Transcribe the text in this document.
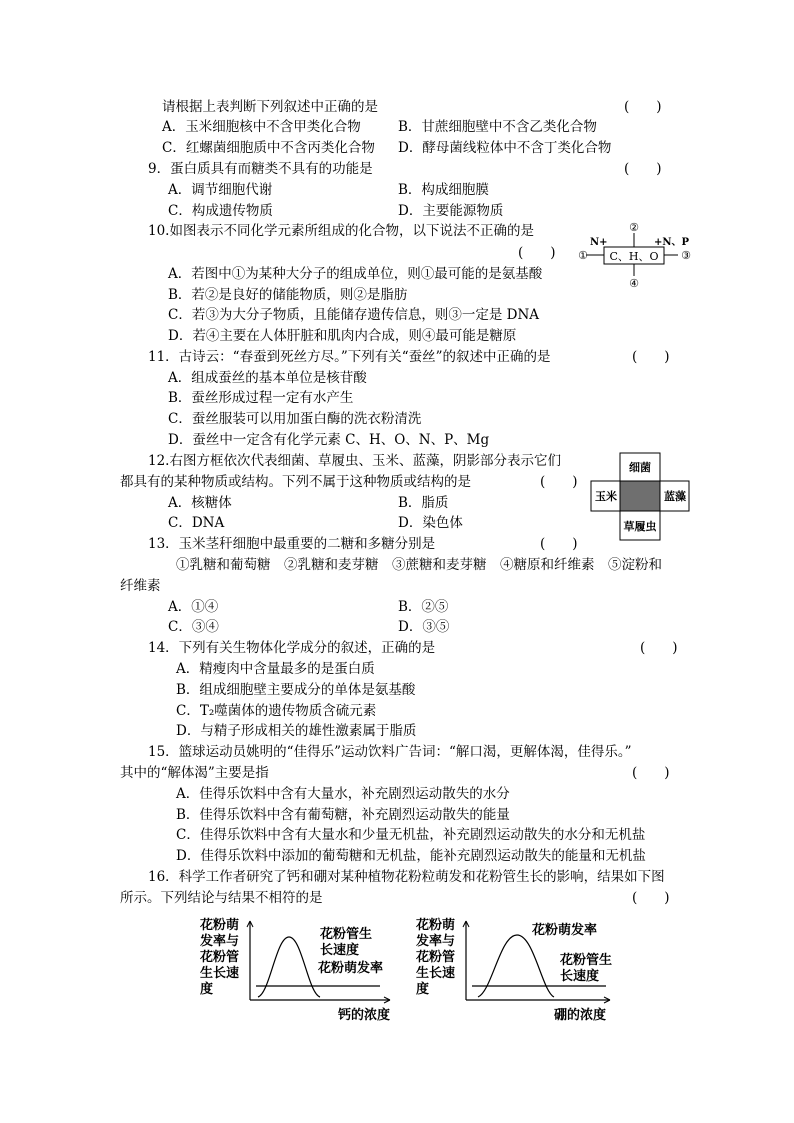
请根据上表判断下列叙述中正确的是	(　　)
A．玉米细胞核中不含甲类化合物	B．甘蔗细胞壁中不含乙类化合物
C．红螺菌细胞质中不含丙类化合物 D．酵母菌线粒体中不含丁类化合物
9．蛋白质具有而糖类不具有的功能是	(　　)
A．调节细胞代谢	B．构成细胞膜
C．构成遗传物质	D．主要能源物质
10.如图表示不同化学元素所组成的化合物，以下说法不正确的是
(　　)
A．若图中①为某种大分子的组成单位，则①最可能的是氨基酸
B．若②是良好的储能物质，则②是脂肪
C．若③为大分子物质，且能储存遗传信息，则③一定是 DNA
D．若④主要在人体肝脏和肌肉内合成，则④最可能是糖原
C、H、O
②
④
①	③
N+	+N、P
11．古诗云：“春蚕到死丝方尽。”下列有关“蚕丝”的叙述中正确的是	(　　)
A．组成蚕丝的基本单位是核苷酸
B．蚕丝形成过程一定有水产生
C．蚕丝服装可以用加蛋白酶的洗衣粉清洗
D．蚕丝中一定含有化学元素 C、H、O、N、P、Mg
12.右图方框依次代表细菌、草履虫、玉米、蓝藻，阴影部分表示它们
都具有的某种物质或结构。下列不属于这种物质或结构的是	(　　)
A．核糖体	B．脂质
C．DNA	D．染色体
细菌
玉米	蓝藻
草履虫
13．玉米茎秆细胞中最重要的二糖和多糖分别是	(　　)
①乳糖和葡萄糖　②乳糖和麦芽糖　③蔗糖和麦芽糖　④糖原和纤维素　⑤淀粉和
纤维素
A．①④	B．②⑤
C．③④	D．③⑤
14．下列有关生物体化学成分的叙述，正确的是	(　　)
A．精瘦肉中含量最多的是蛋白质
B．组成细胞壁主要成分的单体是氨基酸
C．T₂噬菌体的遗传物质含硫元素
D．与精子形成相关的雄性激素属于脂质
15．篮球运动员姚明的“佳得乐”运动饮料广告词：“解口渴，更解体渴，佳得乐。”
其中的“解体渴”主要是指	(　　)
A．佳得乐饮料中含有大量水，补充剧烈运动散失的水分
B．佳得乐饮料中含有葡萄糖，补充剧烈运动散失的能量
C．佳得乐饮料中含有大量水和少量无机盐，补充剧烈运动散失的水分和无机盐
D．佳得乐饮料中添加的葡萄糖和无机盐，能补充剧烈运动散失的能量和无机盐
16．科学工作者研究了钙和硼对某种植物花粉粒萌发和花粉管生长的影响，结果如下图
所示。下列结论与结果不相符的是	(　　)
花粉萌
发率与
花粉管
生长速
度
花粉管生
长速度
花粉萌发率
钙的浓度
花粉萌
发率与
花粉管
生长速
度
花粉萌发率
花粉管生
长速度
硼的浓度
